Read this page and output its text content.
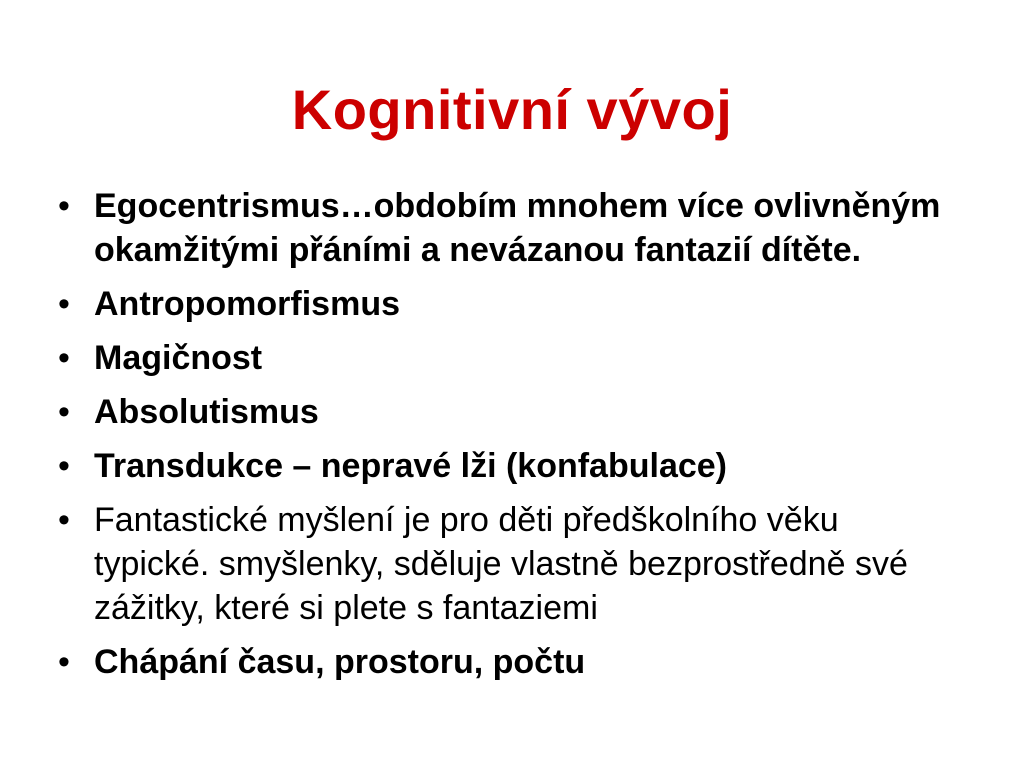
Kognitivní vývoj
• Egocentrismus…obdobím mnohem více ovlivněným okamžitými přáními a nevázanou fantazií dítěte.
• Antropomorfismus
• Magičnost
• Absolutismus
• Transdukce – nepravé lži (konfabulace)
• Fantastické myšlení je pro děti předškolního věku typické. smyšlenky, sděluje vlastně bezprostředně své zážitky, které si plete s fantaziemi
• Chápání času, prostoru, počtu
